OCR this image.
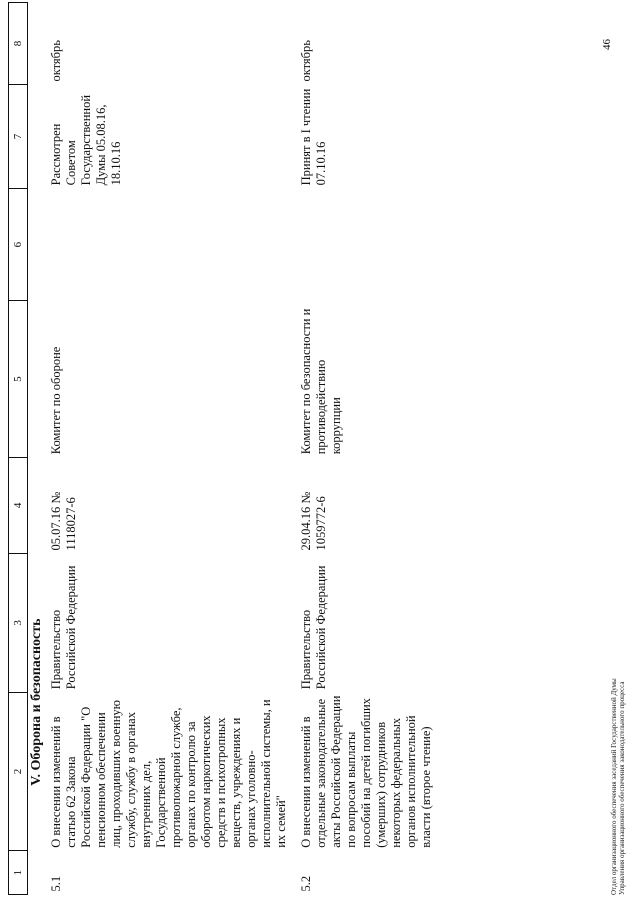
1	2	3	4	5	6	7	8
	V. Оборона и безопасность						
5.1	О внесении изменений в статью 62 Закона Российской Федерации "О пенсионном обеспечении лиц, проходивших военную службу, службу в органах внутренних дел, Государственной противопожарной службе, органах по контролю за оборотом наркотических средств и психотропных веществ, учреждениях и органах уголовно-исполнительной системы, и их семей"	Правительство Российской Федерации	05.07.16 № 1118027-6	Комитет по обороне		Рассмотрен Советом Государственной Думы 05.08.16, 18.10.16	октябрь
5.2	О внесении изменений в отдельные законодательные акты Российской Федерации по вопросам выплаты пособий на детей погибших (умерших) сотрудников некоторых федеральных органов исполнительной власти (второе чтение)	Правительство Российской Федерации	29.04.16 № 1059772-6	Комитет по безопасности и противодействию коррупции		Принят в I чтении 07.10.16	октябрь
Отдел организационного обеспечения заседаний Государственной Думы Управления организационного обеспечения законодательного процесса
46
